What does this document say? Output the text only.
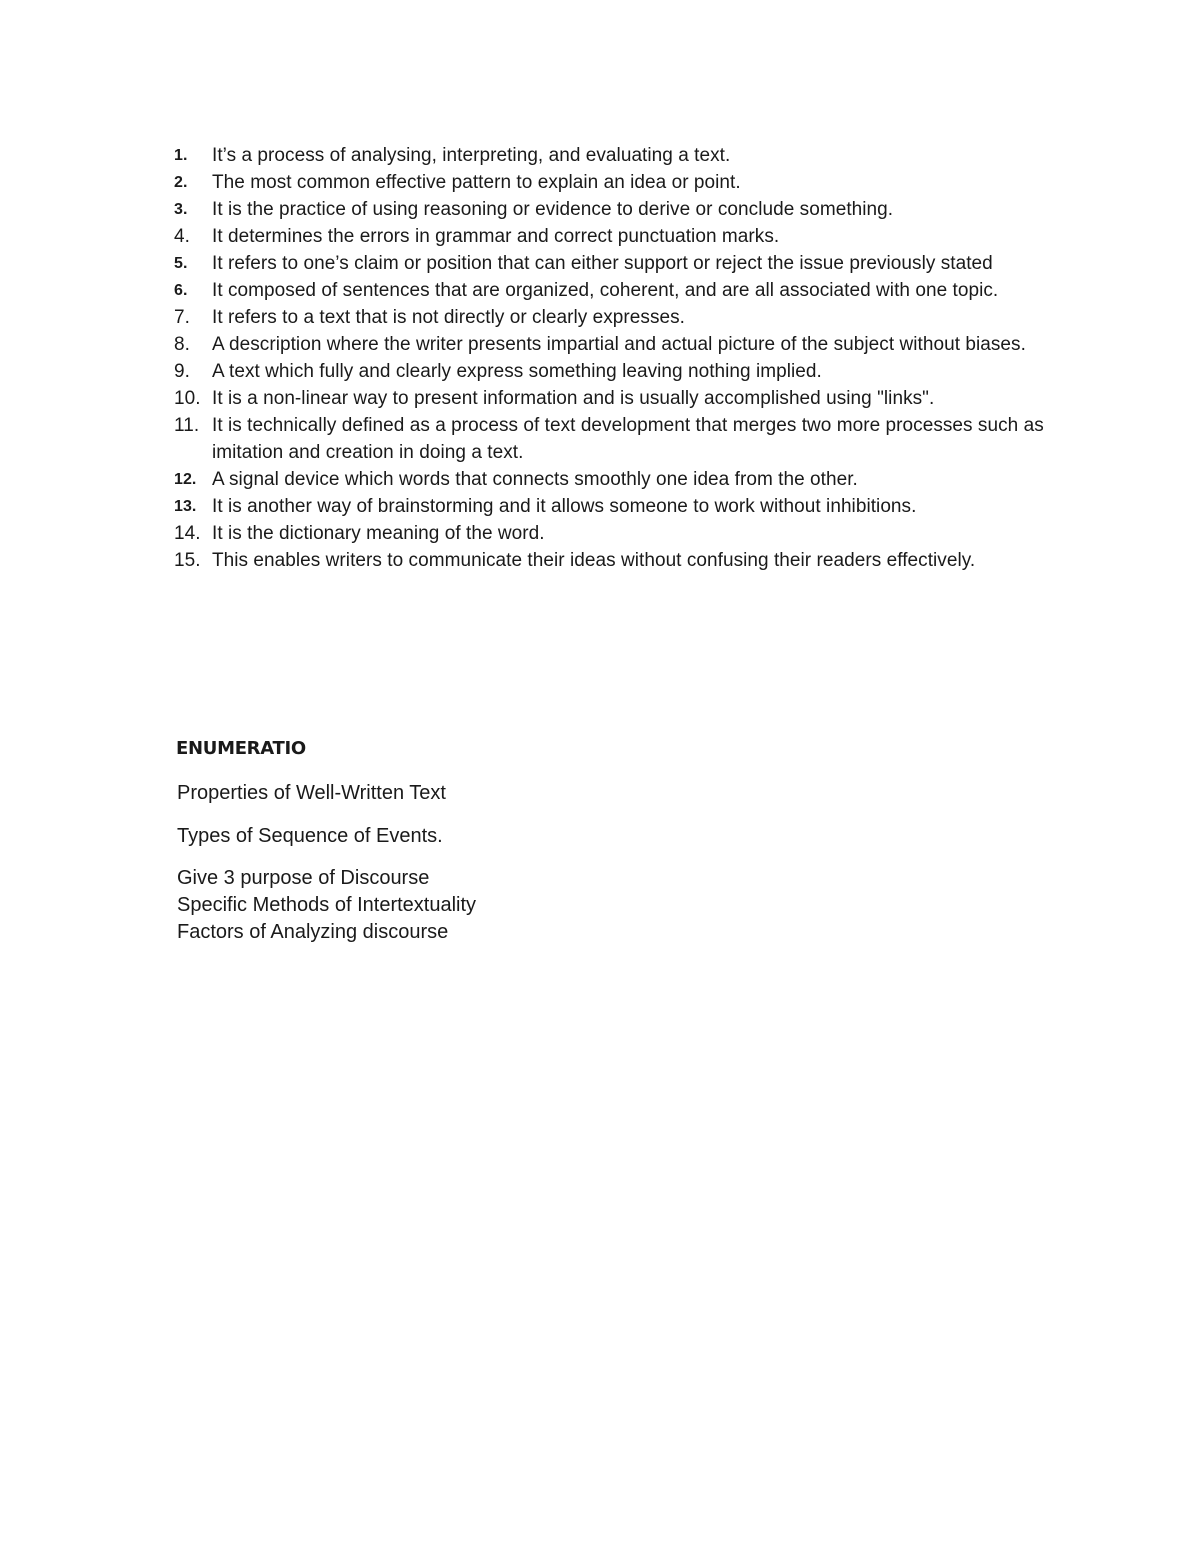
1.	It’s a process of analysing, interpreting, and evaluating a text.
2.	The most common effective pattern to explain an idea or point.
3.	It is the practice of using reasoning or evidence to derive or conclude something.
4.	It determines the errors in grammar and correct punctuation marks.
5.	It refers to one’s claim or position that can either support or reject the issue previously stated
6.	It composed of sentences that are organized, coherent, and are all associated with one topic.
7.	It refers to a text that is not directly or clearly expresses.
8.	A description where the writer presents impartial and actual picture of the subject without biases.
9.	A text which fully and clearly express something leaving nothing implied.
10. It is a non-linear way to present information and is usually accomplished using "links".
11. It is technically defined as a process of text development that merges two more processes such as imitation and creation in doing a text.
12. A signal device which words that connects smoothly one idea from the other.
13. It is another way of brainstorming and it allows someone to work without inhibitions.
14. It is the dictionary meaning of the word.
15. This enables writers to communicate their ideas without confusing their readers effectively.
ENUMERATIO

Properties of Well-Written Text

Types of Sequence of Events.

Give 3 purpose of Discourse

Specific Methods of Intertextuality

Factors of Analyzing discourse
